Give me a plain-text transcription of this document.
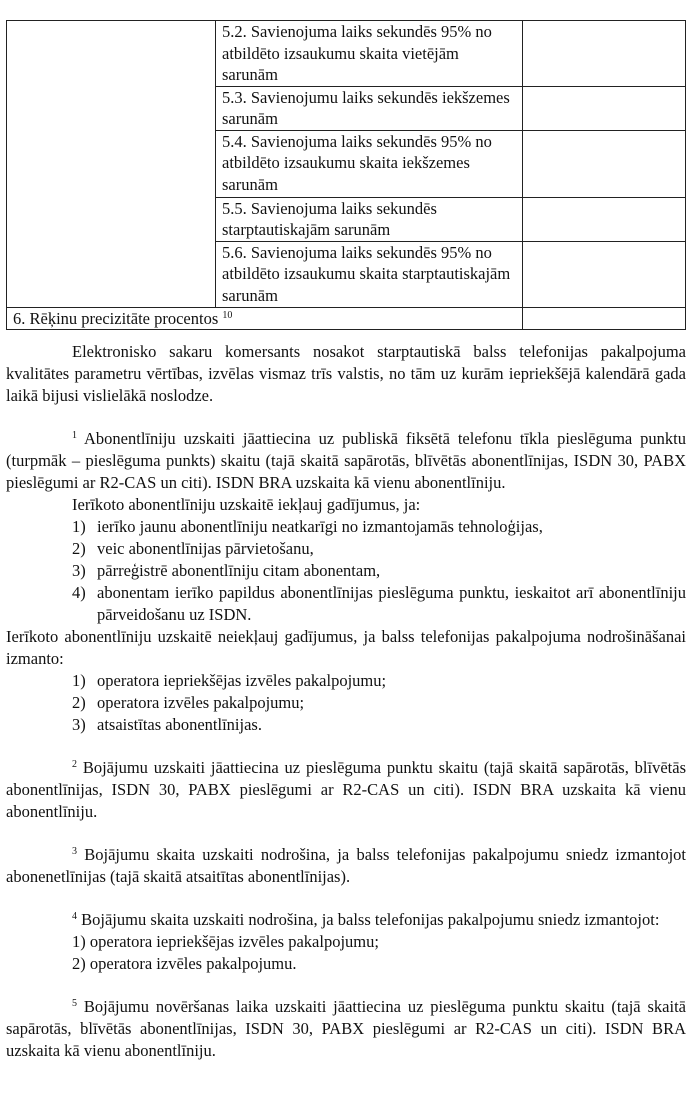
	5.2. Savienojuma laiks sekundēs 95% no atbildēto izsaukumu skaita vietējām sarunām	
	5.3. Savienojumu laiks sekundēs iekšzemes sarunām	
	5.4. Savienojuma laiks sekundēs 95% no atbildēto izsaukumu skaita iekšzemes sarunām	
	5.5. Savienojuma laiks sekundēs starptautiskajām sarunām	
	5.6. Savienojuma laiks sekundēs 95% no atbildēto izsaukumu skaita starptautiskajām sarunām	
6. Rēķinu precizitāte procentos $^{10}$	

Elektronisko sakaru komersants nosakot starptautiskā balss telefonijas pakalpojuma kvalitātes parametru vērtības, izvēlas vismaz trīs valstis, no tām uz kurām iepriekšējā kalendārā gada laikā bijusi vislielākā noslodze.

$^1$ Abonentlīniju uzskaiti jāattiecina uz publiskā fiksētā telefonu tīkla pieslēguma punktu (turpmāk – pieslēguma punkts) skaitu (tajā skaitā sapārotās, blīvētās abonentlīnijas, ISDN 30, PABX pieslēgumi ar R2-CAS un citi). ISDN BRA uzskaita kā vienu abonentlīniju.

Ierīkoto abonentlīniju uzskaitē iekļauj gadījumus, ja:

1) ierīko jaunu abonentlīniju neatkarīgi no izmantojamās tehnoloģijas,
2) veic abonentlīnijas pārvietošanu,
3) pārreģistrē abonentlīniju citam abonentam,
4) abonentam ierīko papildus abonentlīnijas pieslēguma punktu, ieskaitot arī abonentlīniju pārveidošanu uz ISDN.

Ierīkoto abonentlīniju uzskaitē neiekļauj gadījumus, ja balss telefonijas pakalpojuma nodrošināšanai izmanto:

1) operatora iepriekšējas izvēles pakalpojumu;
2) operatora izvēles pakalpojumu;
3) atsaistītas abonentlīnijas.

$^2$ Bojājumu uzskaiti jāattiecina uz pieslēguma punktu skaitu (tajā skaitā sapārotās, blīvētās abonentlīnijas, ISDN 30, PABX pieslēgumi ar R2-CAS un citi). ISDN BRA uzskaita kā vienu abonentlīniju.

$^3$ Bojājumu skaita uzskaiti nodrošina, ja balss telefonijas pakalpojumu sniedz izmantojot abonenetlīnijas (tajā skaitā atsaitītas abonentlīnijas).

$^4$ Bojājumu skaita uzskaiti nodrošina, ja balss telefonijas pakalpojumu sniedz izmantojot:

1) operatora iepriekšējas izvēles pakalpojumu;
2) operatora izvēles pakalpojumu.

$^5$ Bojājumu novēršanas laika uzskaiti jāattiecina uz pieslēguma punktu skaitu (tajā skaitā sapārotās, blīvētās abonentlīnijas, ISDN 30, PABX pieslēgumi ar R2-CAS un citi). ISDN BRA uzskaita kā vienu abonentlīniju.
